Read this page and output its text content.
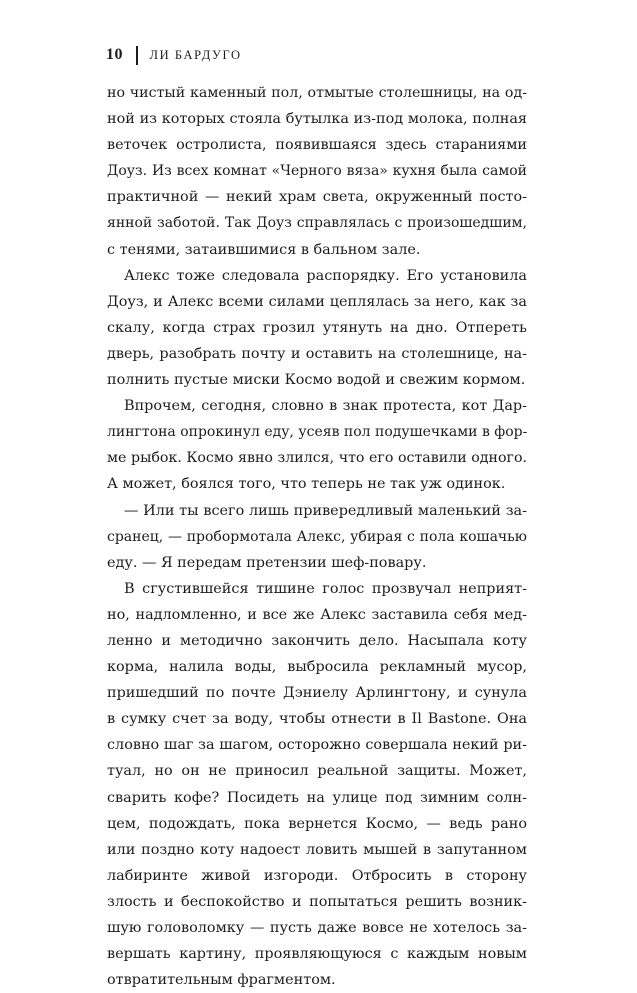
10 ЛИ БАРДУГО
но чистый каменный пол, отмытые столешницы, на од-
ной из которых стояла бутылка из-под молока, полная
веточек остролиста, появившаяся здесь стараниями
Доуз. Из всех комнат «Черного вяза» кухня была самой
практичной — некий храм света, окруженный посто-
янной заботой. Так Доуз справлялась с произошедшим,
с тенями, затаившимися в бальном зале.
Алекс тоже следовала распорядку. Его установила
Доуз, и Алекс всеми силами цеплялась за него, как за
скалу, когда страх грозил утянуть на дно. Отпереть
дверь, разобрать почту и оставить на столешнице, на-
полнить пустые миски Космо водой и свежим кормом.
Впрочем, сегодня, словно в знак протеста, кот Дар-
лингтона опрокинул еду, усеяв пол подушечками в фор-
ме рыбок. Космо явно злился, что его оставили одного.
А может, боялся того, что теперь не так уж одинок.
— Или ты всего лишь привередливый маленький за-
сранец, — пробормотала Алекс, убирая с пола кошачью
еду. — Я передам претензии шеф-повару.
В сгустившейся тишине голос прозвучал неприят-
но, надломленно, и все же Алекс заставила себя мед-
ленно и методично закончить дело. Насыпала коту
корма, налила воды, выбросила рекламный мусор,
пришедший по почте Дэниелу Арлингтону, и сунула
в сумку счет за воду, чтобы отнести в Il Bastone. Она
словно шаг за шагом, осторожно совершала некий ри-
туал, но он не приносил реальной защиты. Может,
сварить кофе? Посидеть на улице под зимним солн-
цем, подождать, пока вернется Космо, — ведь рано
или поздно коту надоест ловить мышей в запутанном
лабиринте живой изгороди. Отбросить в сторону
злость и беспокойство и попытаться решить возник-
шую головоломку — пусть даже вовсе не хотелось за-
вершать картину, проявляющуюся с каждым новым
отвратительным фрагментом.
